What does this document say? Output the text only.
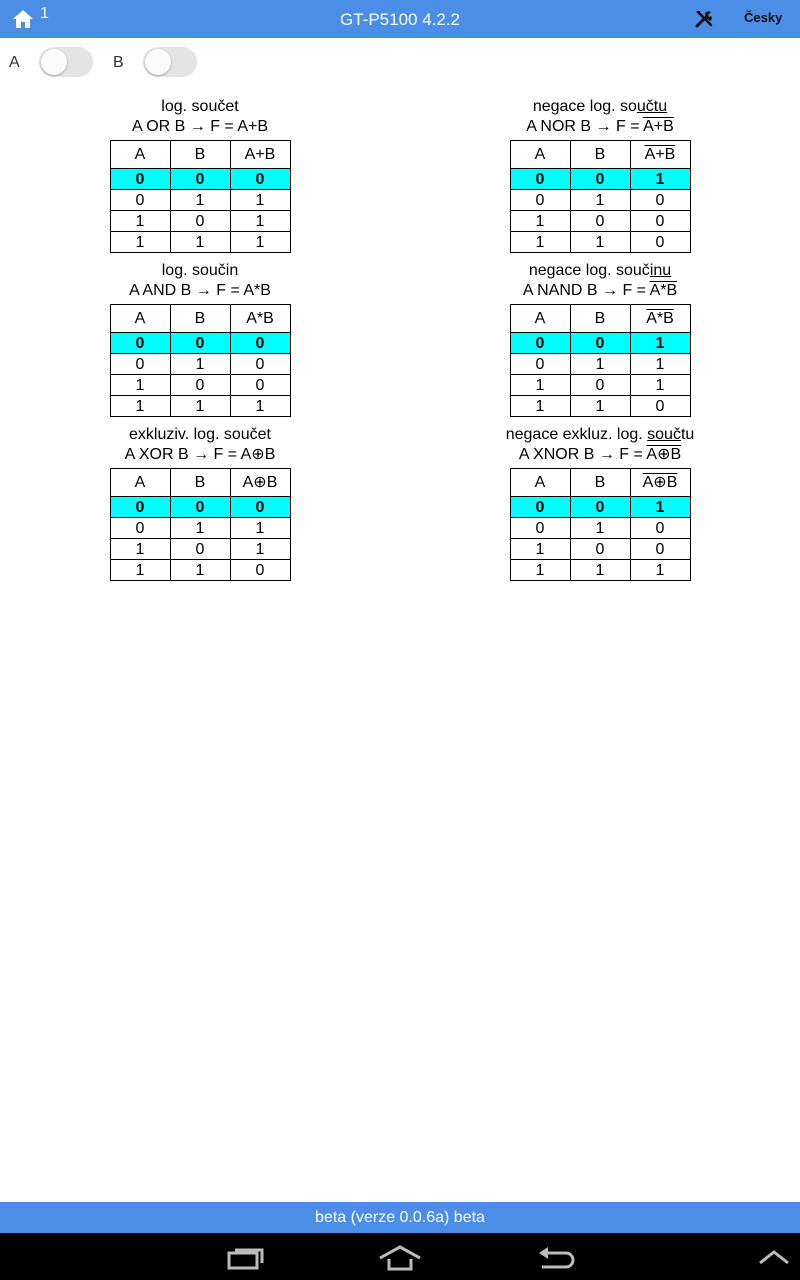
1	GT-P5100 4.2.2	Česky
A	B
log. součet
A OR B → F = A+B
A	B	A+B
0	0	0
0	1	1
1	0	1
1	1	1
negace log. součtu
A NOR B → F = A+B
A	B	A+B
0	0	1
0	1	0
1	0	0
1	1	0
log. součin
A AND B → F = A*B
A	B	A*B
0	0	0
0	1	0
1	0	0
1	1	1
negace log. součinu
A NAND B → F = A*B
A	B	A*B
0	0	1
0	1	1
1	0	1
1	1	0
exkluziv. log. součet
A XOR B → F = A⊕B
A	B	A⊕B
0	0	0
0	1	1
1	0	1
1	1	0
negace exkluz. log. součtu
A XNOR B → F = A⊕B
A	B	A⊕B
0	0	1
0	1	0
1	0	0
1	1	1
beta (verze 0.0.6a) beta
